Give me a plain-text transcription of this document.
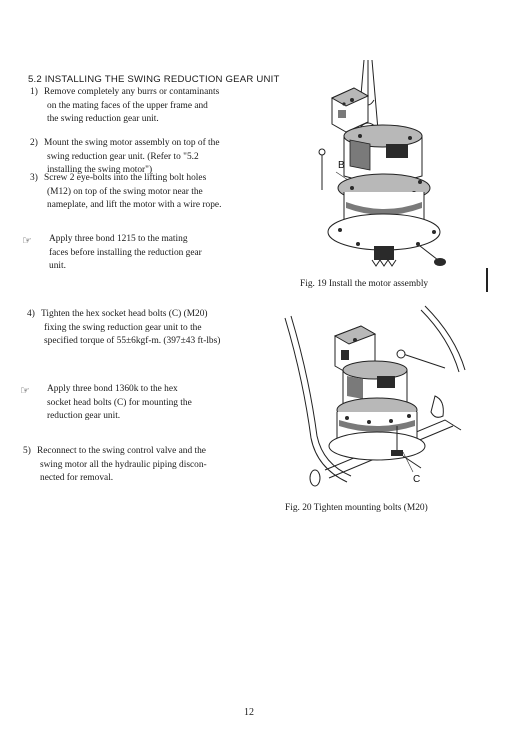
5.2 INSTALLING THE SWING REDUCTION GEAR UNIT
1) Remove completely any burrs or contaminants
on the mating faces of the upper frame and
the swing reduction gear unit.
2) Mount the swing motor assembly on top of the
swing reduction gear unit. (Refer to "5.2
installing the swing motor")
3) Screw 2 eye-bolts into the lifting bolt holes
(M12) on top of the swing motor near the
nameplate, and lift the motor with a wire rope.
☞ Apply three bond 1215 to the mating
faces before installing the reduction gear
unit.
4) Tighten the hex socket head bolts (C) (M20)
fixing the swing reduction gear unit to the
specified torque of 55±6kgf-m. (397±43 ft-lbs)
☞ Apply three bond 1360k to the hex
socket head bolts (C) for mounting the
reduction gear unit.
5) Reconnect to the swing control valve and the
swing motor all the hydraulic piping discon-
nected for removal.
B
Fig. 19 Install the motor assembly
C
Fig. 20 Tighten mounting bolts (M20)
12
